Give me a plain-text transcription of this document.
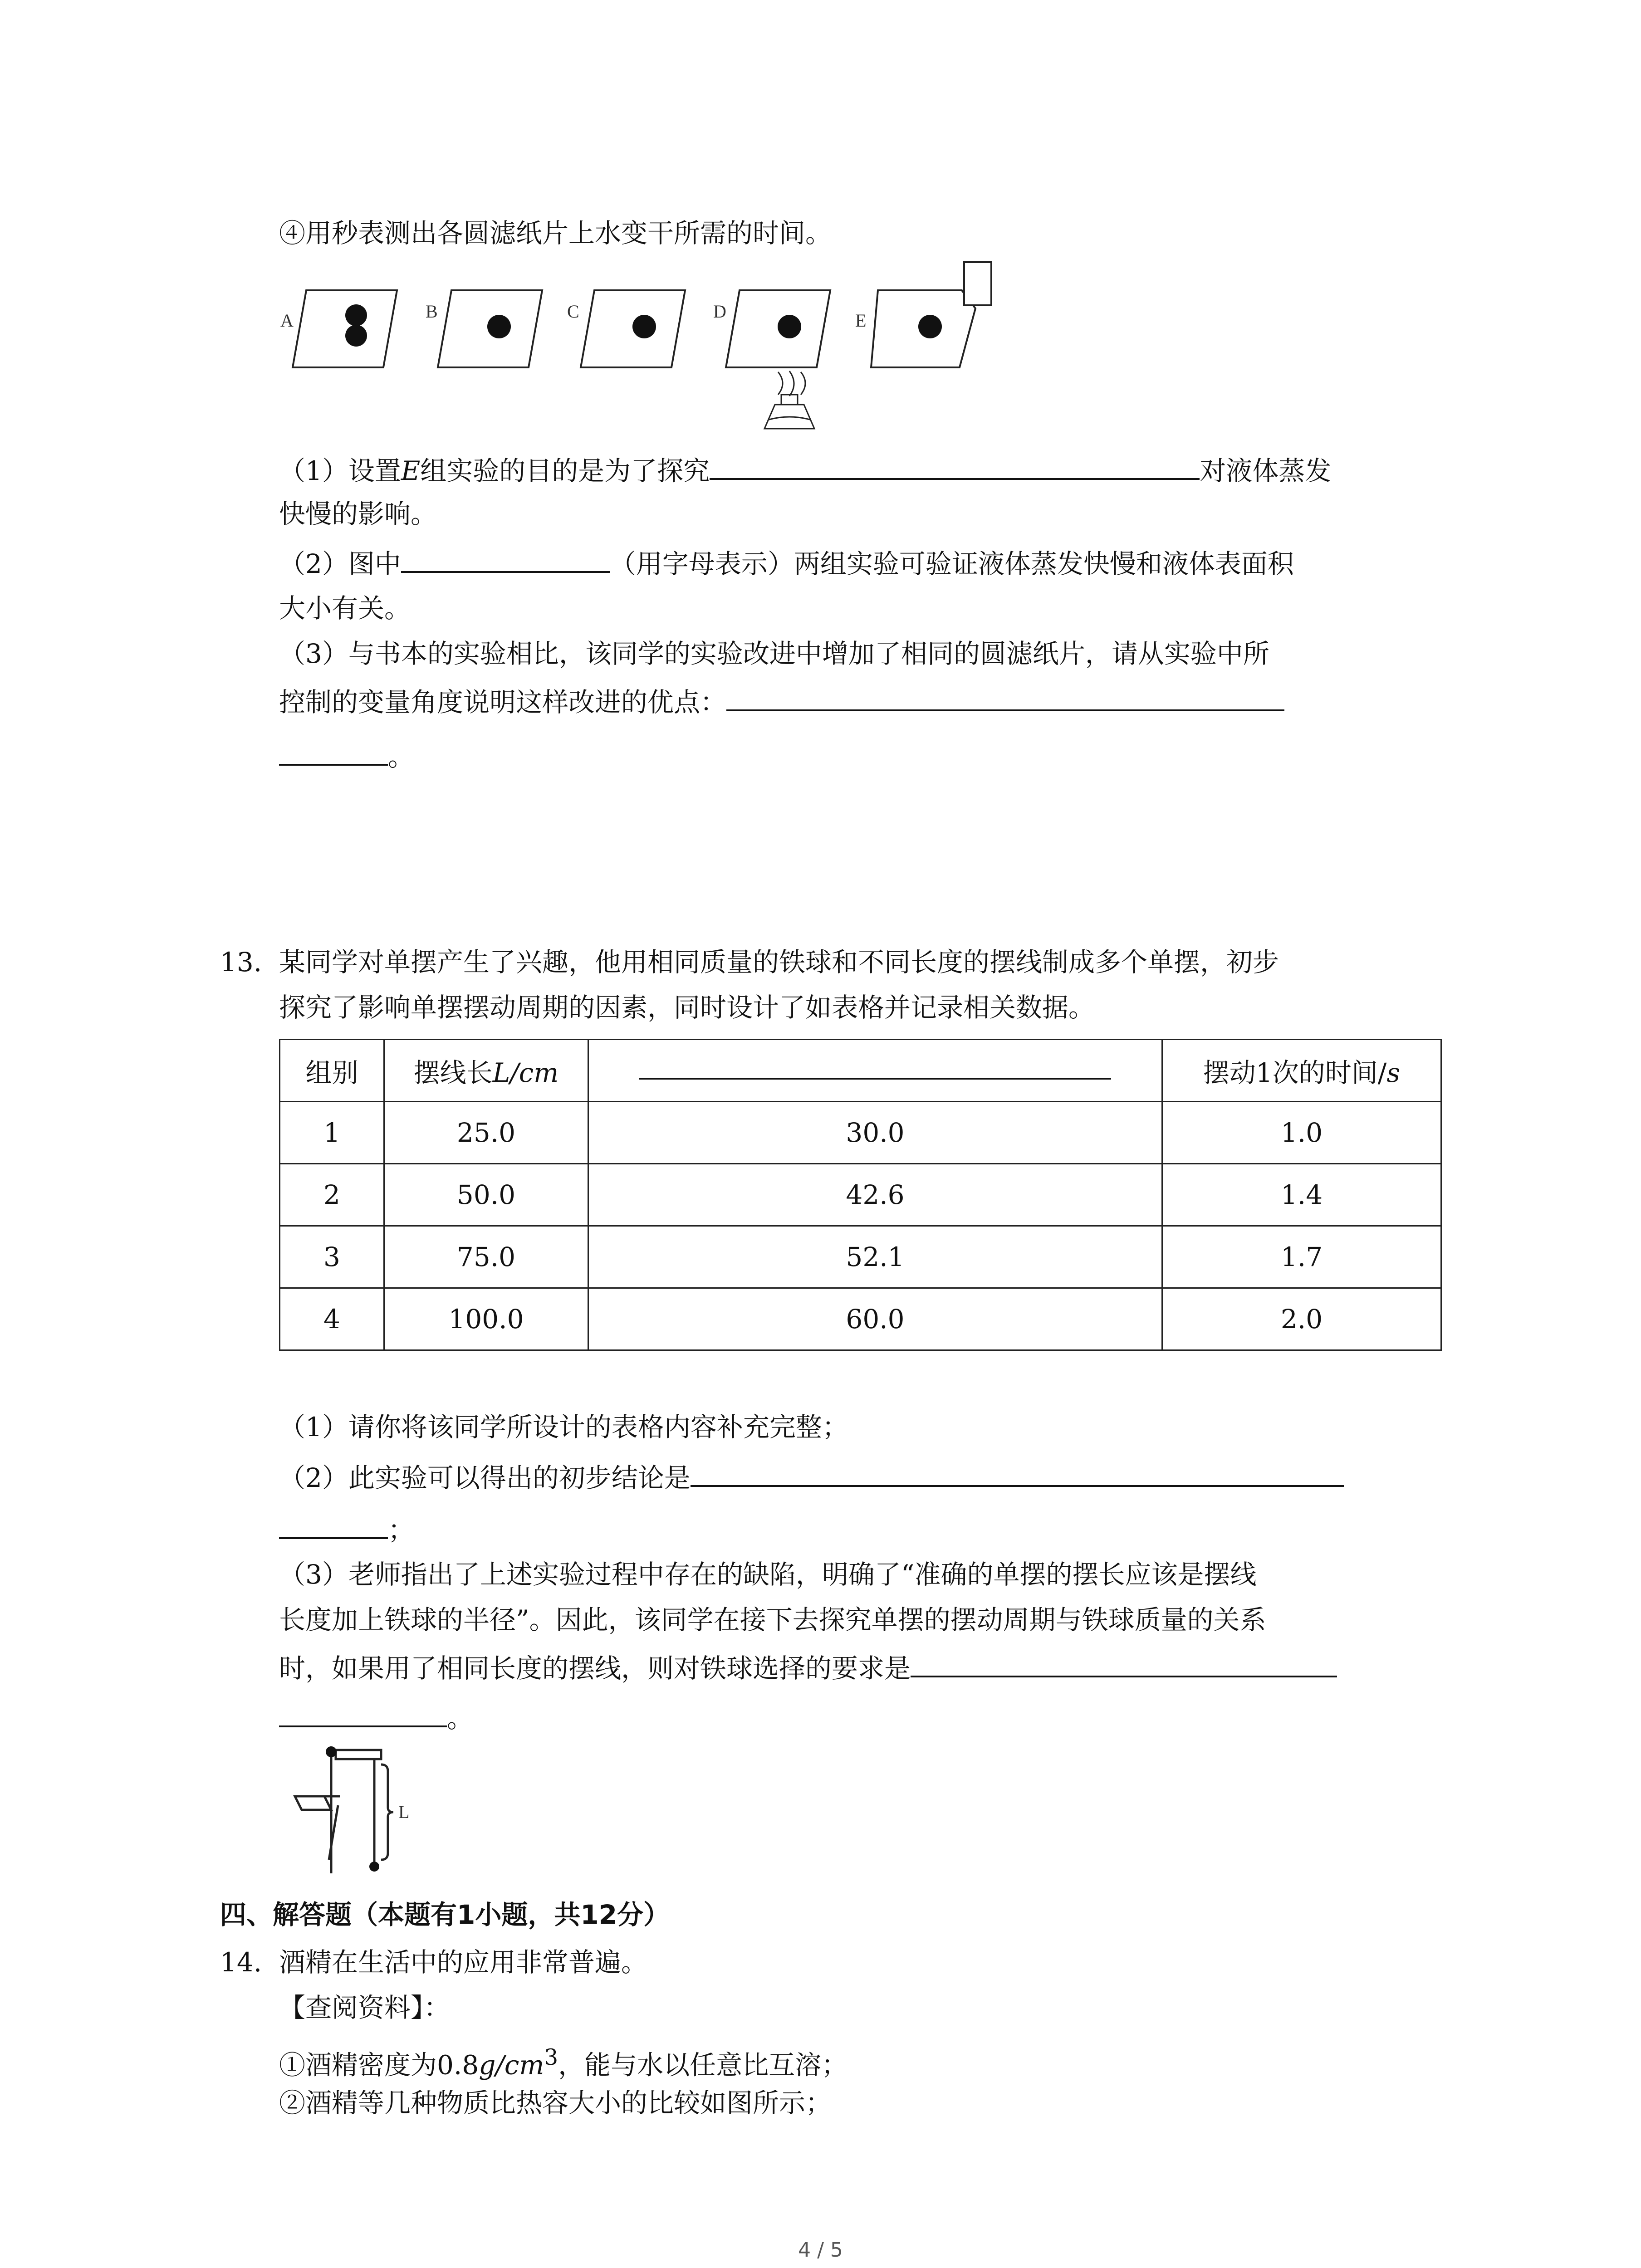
④用秒表测出各圆滤纸片上水变干所需的时间。
A	B	C	D	E
（1）设置E组实验的目的是为了探究	对液体蒸发
快慢的影响。
（2）图中	（用字母表示）两组实验可验证液体蒸发快慢和液体表面积
大小有关。
（3）与书本的实验相比，该同学的实验改进中增加了相同的圆滤纸片，请从实验中所
控制的变量角度说明这样改进的优点：
。
13. 某同学对单摆产生了兴趣，他用相同质量的铁球和不同长度的摆线制成多个单摆，初步
探究了影响单摆摆动周期的因素，同时设计了如表格并记录相关数据。
组别	摆线长L/cm		摆动1次的时间/s
1	25.0	30.0	1.0
2	50.0	42.6	1.4
3	75.0	52.1	1.7
4	100.0	60.0	2.0
（1）请你将该同学所设计的表格内容补充完整；
（2）此实验可以得出的初步结论是
；
（3）老师指出了上述实验过程中存在的缺陷，明确了“准确的单摆的摆长应该是摆线
长度加上铁球的半径”。因此，该同学在接下去探究单摆的摆动周期与铁球质量的关系
时，如果用了相同长度的摆线，则对铁球选择的要求是
。
L
四、解答题（本题有1小题，共12分）
14. 酒精在生活中的应用非常普遍。
【查阅资料】：
①酒精密度为$0.8g/cm^3$，能与水以任意比互溶；
②酒精等几种物质比热容大小的比较如图所示；
4 / 5
